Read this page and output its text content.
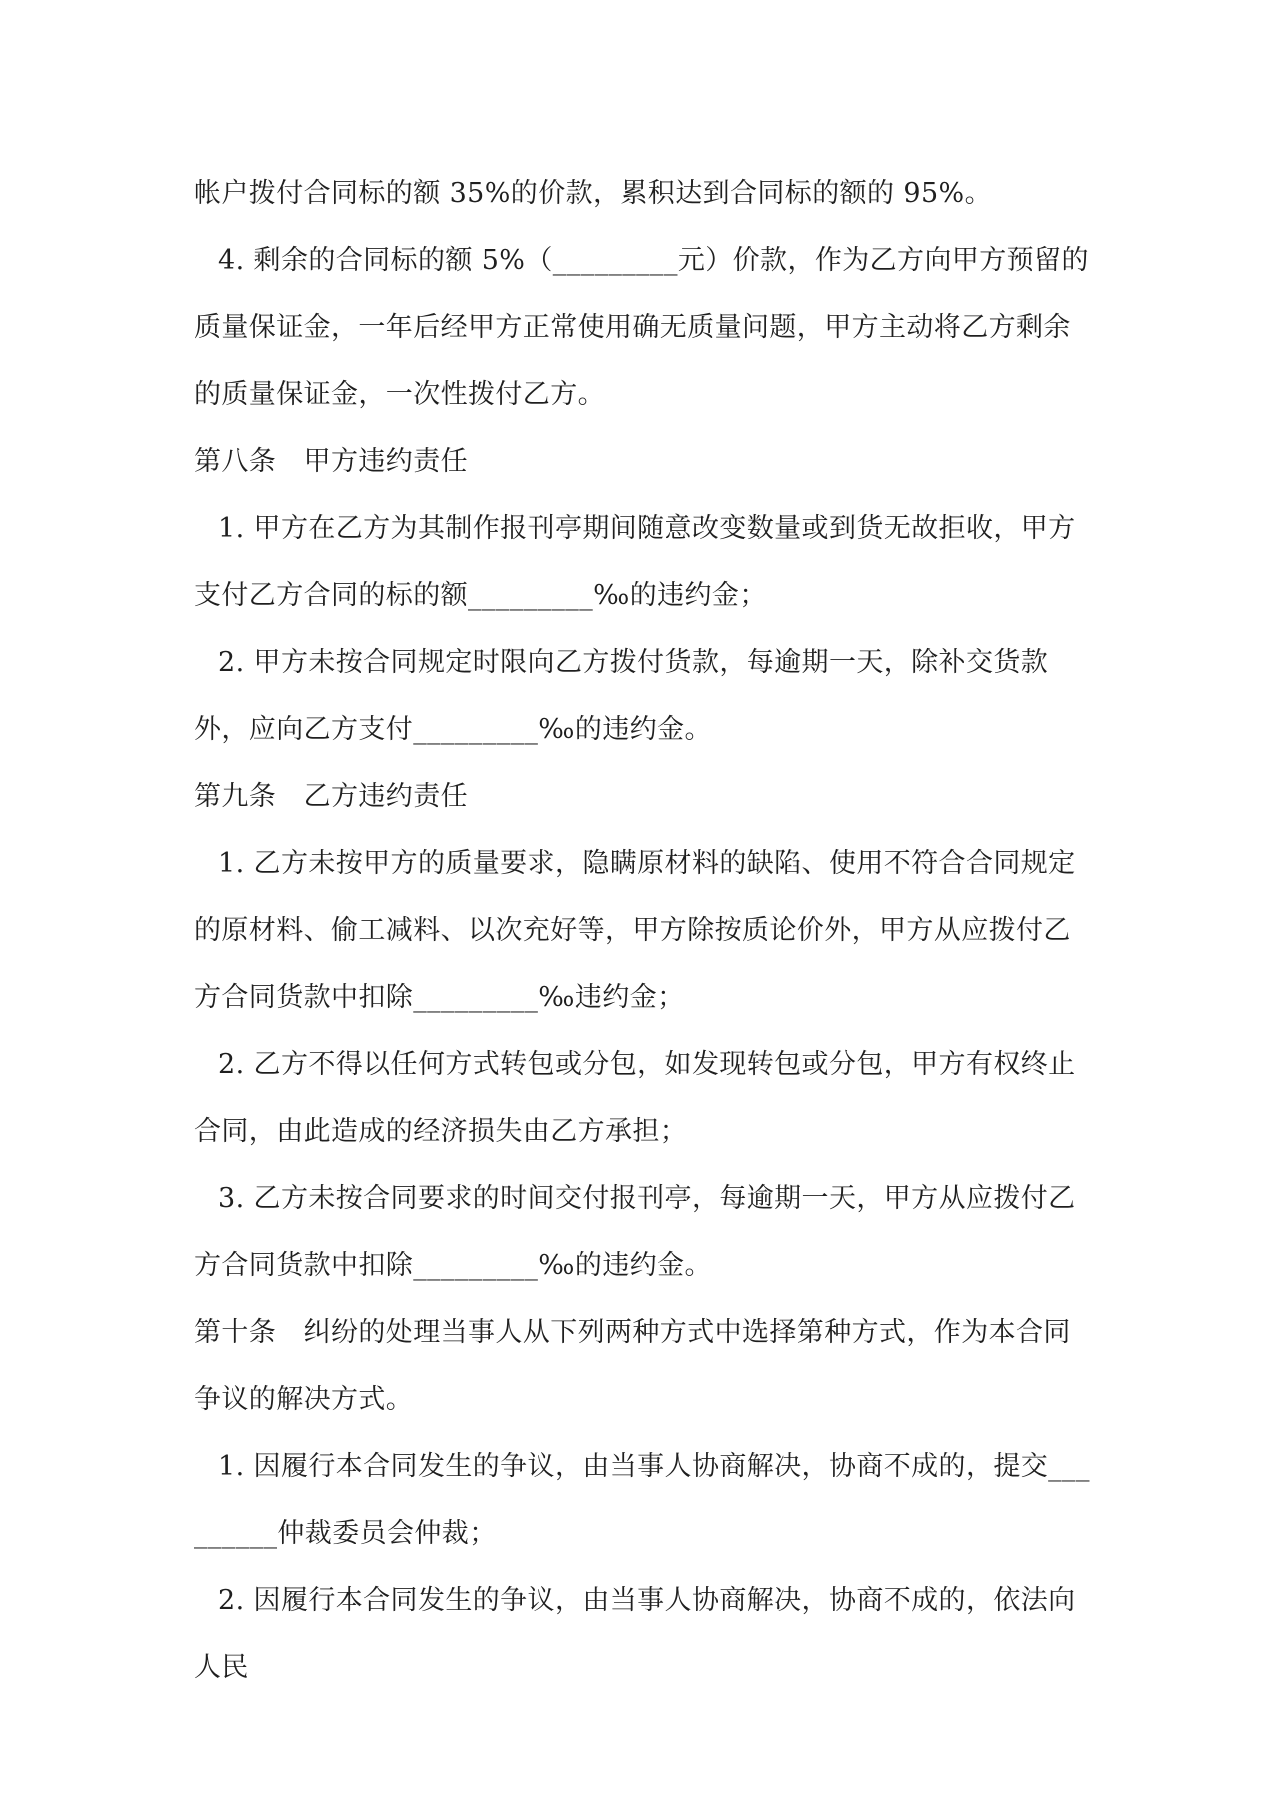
帐户拨付合同标的额 35%的价款，累积达到合同标的额的 95%。

4. 剩余的合同标的额 5%（_________元）价款，作为乙方向甲方预留的质量保证金，一年后经甲方正常使用确无质量问题，甲方主动将乙方剩余的质量保证金，一次性拨付乙方。

第八条　甲方违约责任

1. 甲方在乙方为其制作报刊亭期间随意改变数量或到货无故拒收，甲方支付乙方合同的标的额_________‰的违约金；

2. 甲方未按合同规定时限向乙方拨付货款，每逾期一天，除补交货款外，应向乙方支付_________‰的违约金。

第九条　乙方违约责任

1. 乙方未按甲方的质量要求，隐瞒原材料的缺陷、使用不符合合同规定的原材料、偷工减料、以次充好等，甲方除按质论价外，甲方从应拨付乙方合同货款中扣除_________‰违约金；

2. 乙方不得以任何方式转包或分包，如发现转包或分包，甲方有权终止合同，由此造成的经济损失由乙方承担；

3. 乙方未按合同要求的时间交付报刊亭，每逾期一天，甲方从应拨付乙方合同货款中扣除_________‰的违约金。

第十条　纠纷的处理当事人从下列两种方式中选择第种方式，作为本合同争议的解决方式。

1. 因履行本合同发生的争议，由当事人协商解决，协商不成的，提交_________仲裁委员会仲裁；

2. 因履行本合同发生的争议，由当事人协商解决，协商不成的，依法向人民
